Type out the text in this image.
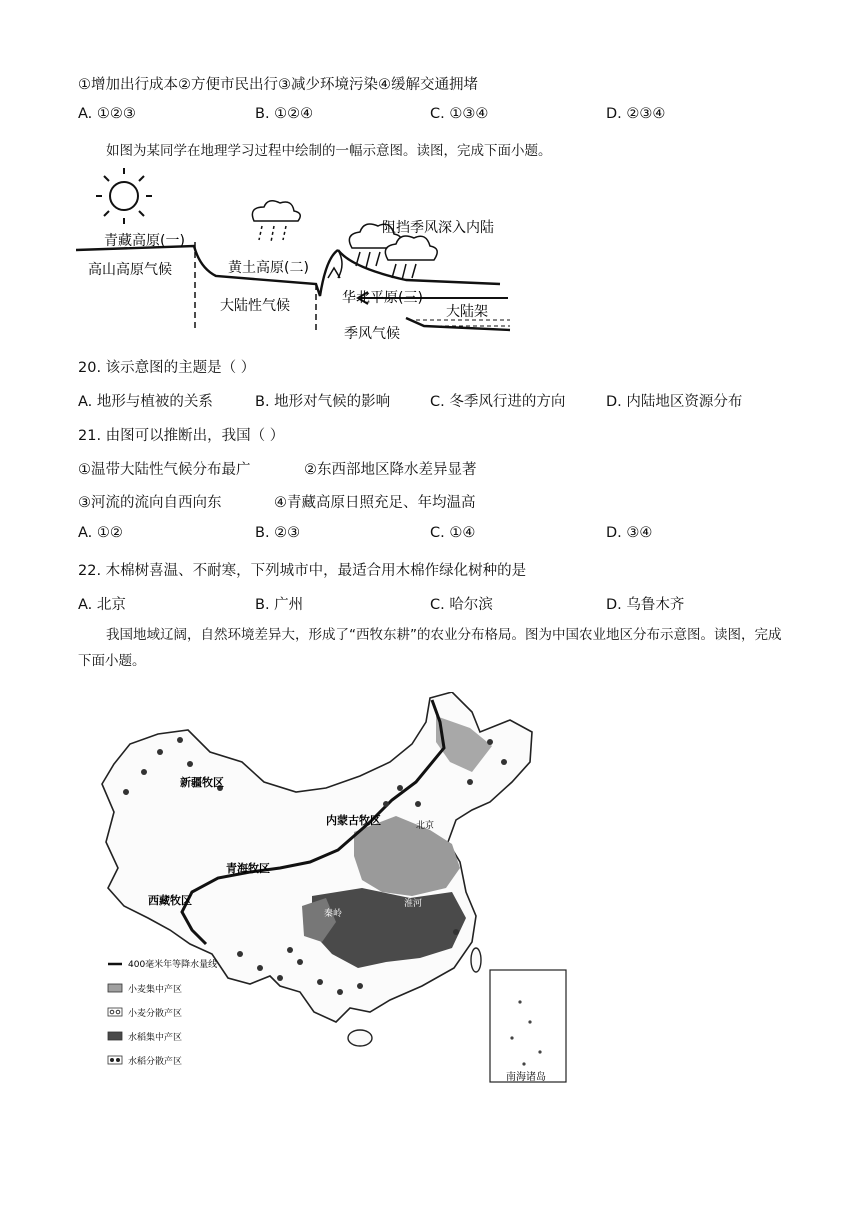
①增加出行成本②方便市民出行③减少环境污染④缓解交通拥堵
A. ①②③	B. ①②④	C. ①③④	D. ②③④
如图为某同学在地理学习过程中绘制的一幅示意图。读图，完成下面小题。
青藏高原(一)
高山高原气候	黄土高原(二)
大陆性气候
阻挡季风深入内陆
华北平原(三)
大陆架
季风气候
20. 该示意图的主题是（ ）
A. 地形与植被的关系	B. 地形对气候的影响	C. 冬季风行进的方向	D. 内陆地区资源分布
21. 由图可以推断出，我国（ ）
①温带大陆性气候分布最广	②东西部地区降水差异显著
③河流的流向自西向东	④青藏高原日照充足、年均温高
A. ①②	B. ②③	C. ①④	D. ③④
22. 木棉树喜温、不耐寒，下列城市中，最适合用木棉作绿化树种的是
A. 北京	B. 广州	C. 哈尔滨	D. 乌鲁木齐
我国地域辽阔，自然环境差异大，形成了“西牧东耕”的农业分布格局。图为中国农业地区分布示意图。读图，完成下面小题。
南海诸岛
新疆牧区
内蒙古牧区
青海牧区
西藏牧区
北京
秦岭
淮河
400毫米年等降水量线
小麦集中产区
小麦分散产区
水稻集中产区
水稻分散产区
